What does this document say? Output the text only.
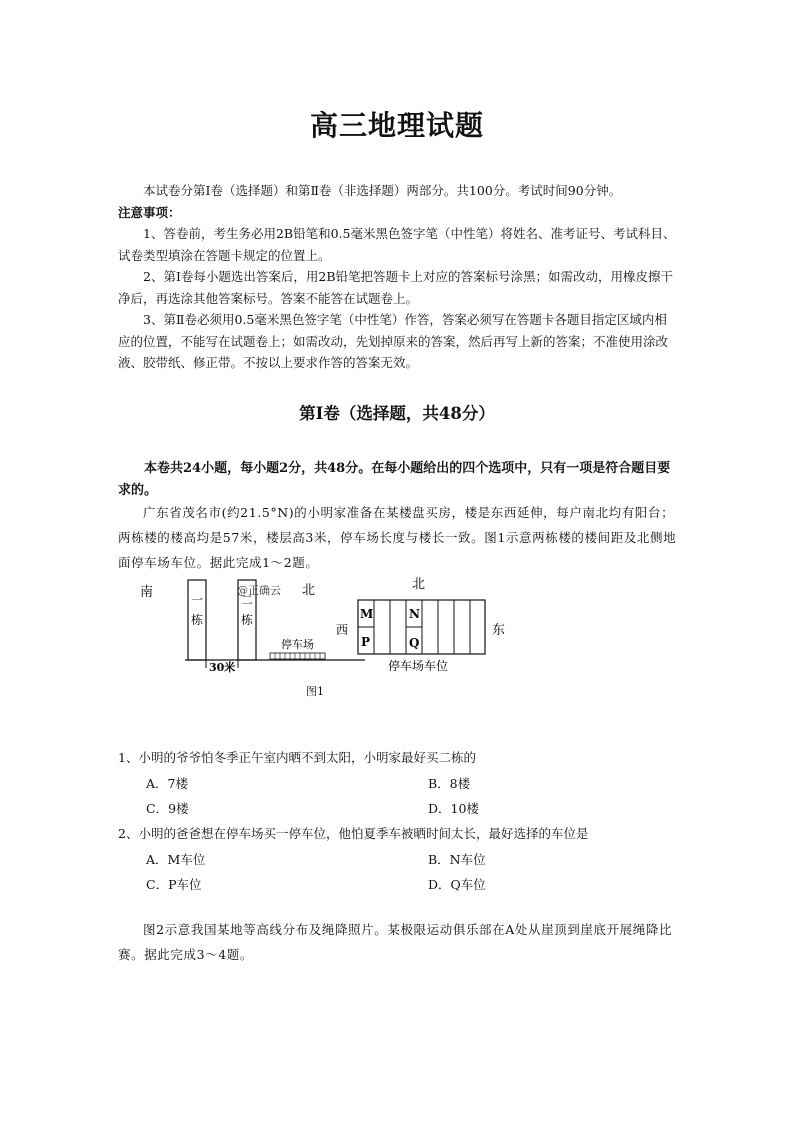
高三地理试题

本试卷分第Ⅰ卷（选择题）和第Ⅱ卷（非选择题）两部分。共100分。考试时间90分钟。

注意事项：

1、答卷前，考生务必用2B铅笔和0.5毫米黑色签字笔（中性笔）将姓名、准考证号、考试科目、试卷类型填涂在答题卡规定的位置上。

2、第Ⅰ卷每小题选出答案后，用2B铅笔把答题卡上对应的答案标号涂黑；如需改动，用橡皮擦干净后，再选涂其他答案标号。答案不能答在试题卷上。

3、第Ⅱ卷必须用0.5毫米黑色签字笔（中性笔）作答，答案必须写在答题卡各题目指定区域内相应的位置，不能写在试题卷上；如需改动，先划掉原来的答案，然后再写上新的答案；不准使用涂改液、胶带纸、修正带。不按以上要求作答的答案无效。

第Ⅰ卷（选择题，共48分）

本卷共24小题，每小题2分，共48分。在每小题给出的四个选项中，只有一项是符合题目要求的。

广东省茂名市(约21.5°N)的小明家准备在某楼盘买房，楼是东西延伸，每户南北均有阳台；两栋楼的楼高均是57米，楼层高3米，停车场长度与楼长一致。图1示意两栋楼的楼间距及北侧地面停车场车位。据此完成1～2题。

南	北
一
栋
二
栋
@正确云
停车场
30米
北
西	东
M	N
P	Q
停车场车位
图1
1、小明的爷爷怕冬季正午室内晒不到太阳，小明家最好买二栋的
A．7楼	B．8楼
C．9楼	D．10楼
2、小明的爸爸想在停车场买一停车位，他怕夏季车被晒时间太长，最好选择的车位是
A．M车位	B．N车位
C．P车位	D．Q车位

图2示意我国某地等高线分布及绳降照片。某极限运动俱乐部在A处从崖顶到崖底开展绳降比赛。据此完成3～4题。
